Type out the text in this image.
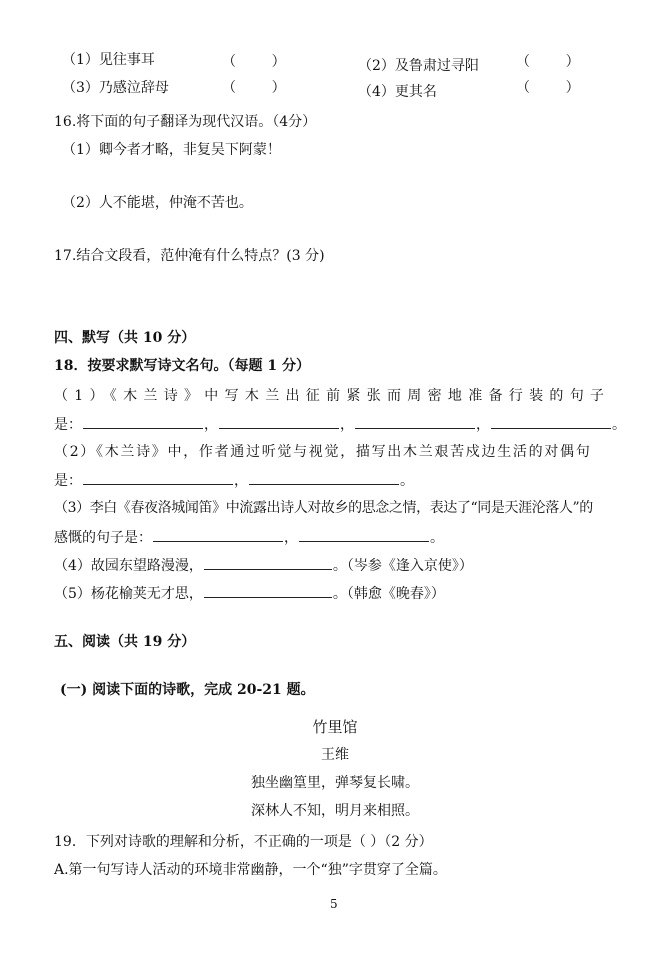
（1）见往事耳	（        ）	（2）及鲁肃过寻阳	（        ）
（3）乃感泣辞母	（        ）	（4）更其名	（        ）
16.将下面的句子翻译为现代汉语。（4分）
（1）卿今者才略，非复吴下阿蒙！
（2）人不能堪，仲淹不苦也。
17.结合文段看，范仲淹有什么特点？(3 分)
四、默写（共 10 分）
18．按要求默写诗文名句。（每题 1 分）
（1）《木兰诗》中写木兰出征前紧张而周密地准备行装的句子
是：	，	，	，	。
（2）《木兰诗》中，作者通过听觉与视觉，描写出木兰艰苦戍边生活的对偶句
是：	，	。
（3）李白《春夜洛城闻笛》中流露出诗人对故乡的思念之情，表达了“同是天涯沦落人”的
感慨的句子是：	，	。
（4）故园东望路漫漫，	。（岑参《逢入京使》）
（5）杨花榆荚无才思，	。（韩愈《晚春》）
五、阅读（共 19 分）
(一) 阅读下面的诗歌，完成 20-21 题。
竹里馆
王维
独坐幽篁里，弹琴复长啸。
深林人不知，明月来相照。
19．下列对诗歌的理解和分析，不正确的一项是（ ）（2 分）
A.第一句写诗人活动的环境非常幽静，一个“独”字贯穿了全篇。
5
